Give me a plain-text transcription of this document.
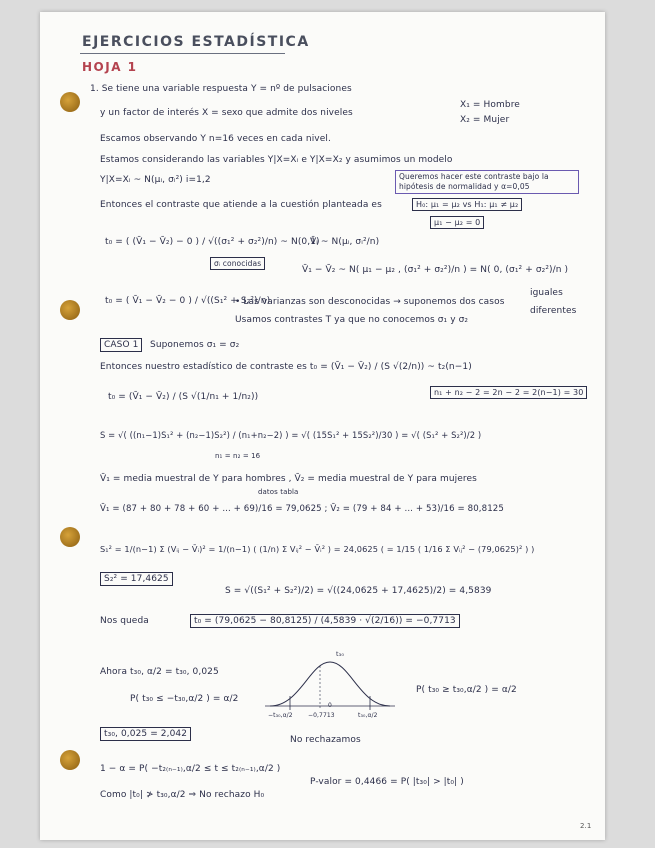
EJERCICIOS ESTADÍSTICA
HOJA 1
1. Se tiene una variable respuesta Y = nº de pulsaciones
y un factor de interés X = sexo que admite dos niveles
X₁ = Hombre
X₂ = Mujer
Escamos observando Y n=16 veces en cada nivel.
Estamos considerando las variables Y|X=Xᵢ e Y|X=X₂ y asumimos un modelo
Y|X=Xᵢ ~ N(μᵢ, σᵢ²) i=1,2	Queremos hacer este contraste bajo la hipótesis de normalidad y α=0,05
Entonces el contraste que atiende a la cuestión planteada es	H₀: μ₁ = μ₂ vs H₁: μ₁ ≠ μ₂
μ₁ − μ₂ = 0
t₀ = ( (V̄₁ − V̄₂) − 0 ) / √((σ₁² + σ₂²)/n) ~ N(0,1)
σᵢ conocidas
V̄ᵢ ~ N(μᵢ, σᵢ²/n)
V̄₁ − V̄₂ ~ N( μ₁ − μ₂ , (σ₁² + σ₂²)/n ) = N( 0, (σ₁² + σ₂²)/n )
t₀ = ( V̄₁ − V̄₂ − 0 ) / √((S₁² + S₂²)/n)
• Las varianzas son desconocidas → suponemos dos casos
iguales
diferentes
Usamos contrastes T ya que no conocemos σ₁ y σ₂
CASO 1	Suponemos σ₁ = σ₂
Entonces nuestro estadístico de contraste es t₀ = (V̄₁ − V̄₂) / (S √(2/n)) ~ t₂(n−1)
n₁ + n₂ − 2 = 2n − 2 = 2(n−1) = 30
t₀ = (V̄₁ − V̄₂) / (S √(1/n₁ + 1/n₂))
S = √( ((n₁−1)S₁² + (n₂−1)S₂²) / (n₁+n₂−2) ) = √( (15S₁² + 15S₂²)/30 ) = √( (S₁² + S₂²)/2 )
n₁ = n₂ = 16
V̄₁ = media muestral de Y para hombres , V̄₂ = media muestral de Y para mujeres
datos tabla
V̄₁ = (87 + 80 + 78 + 60 + ... + 69)/16 = 79,0625 ; V̄₂ = (79 + 84 + ... + 53)/16 = 80,8125
S₁² = 1/(n−1) Σ (Vᵢⱼ − V̄ᵢ)² = 1/(n−1) ( (1/n) Σ Vᵢⱼ² − V̄ᵢ² ) = 24,0625 ( = 1/15 ( 1/16 Σ Vᵢⱼ² − (79,0625)² ) )
S₂² = 17,4625
S = √((S₁² + S₂²)/2) = √((24,0625 + 17,4625)/2) = 4,5839
Nos queda	t₀ = (79,0625 − 80,8125) / (4,5839 · √(2/16)) = −0,7713
Ahora t₃₀, α/2 = t₃₀, 0,025
P( t₃₀ ≤ −t₃₀,α/2 ) = α/2
P( t₃₀ ≥ t₃₀,α/2 ) = α/2
t₃₀
−t₃₀,α/2	−0,7713
0
t₃₀,α/2
t₃₀, 0,025 = 2,042
No rechazamos
1 − α = P( −t₂₍ₙ₋₁₎,α/2 ≤ t ≤ t₂₍ₙ₋₁₎,α/2 )
Como |t₀| ≯ t₃₀,α/2 ⇒ No rechazo H₀
P-valor = 0,4466 = P( |t₃₀| > |t₀| )
2.1
